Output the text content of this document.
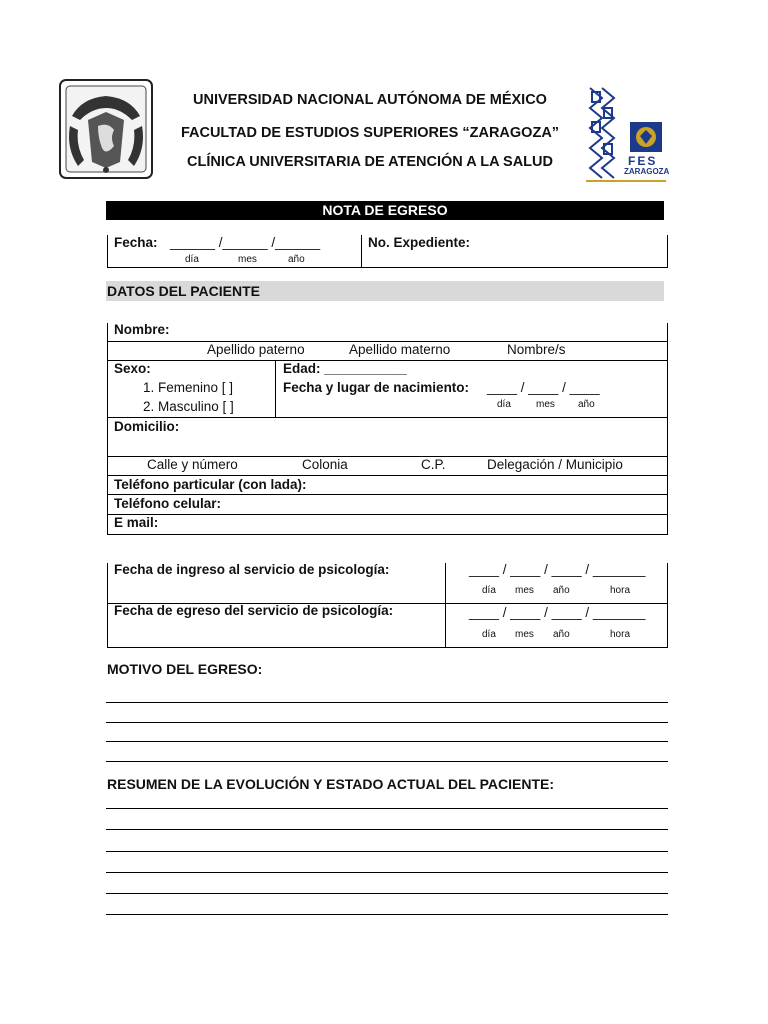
FES
ZARAGOZA
UNIVERSIDAD NACIONAL AUTÓNOMA DE MÉXICO
FACULTAD DE ESTUDIOS SUPERIORES “ZARAGOZA”
CLÍNICA UNIVERSITARIA DE ATENCIÓN A LA SALUD
NOTA DE EGRESO
Fecha: ______ /______ /______
día	mes	año
No. Expediente:
DATOS DEL PACIENTE
Nombre:
Apellido paterno	Apellido materno	Nombre/s
Sexo:
1. Femenino [ ]
2. Masculino [ ]
Edad: ___________
Fecha y lugar de nacimiento: ____ / ____ / ____
día	mes año
Domicilio:
Calle y número	Colonia	C.P.	Delegación / Municipio
Teléfono particular (con lada):
Teléfono celular:
E mail:
Fecha de ingreso al servicio de psicología:	____ / ____ / ____ / _______
día mes año	hora
Fecha de egreso del servicio de psicología:	____ / ____ / ____ / _______
día mes año	hora
MOTIVO DEL EGRESO:
RESUMEN DE LA EVOLUCIÓN Y ESTADO ACTUAL DEL PACIENTE:
